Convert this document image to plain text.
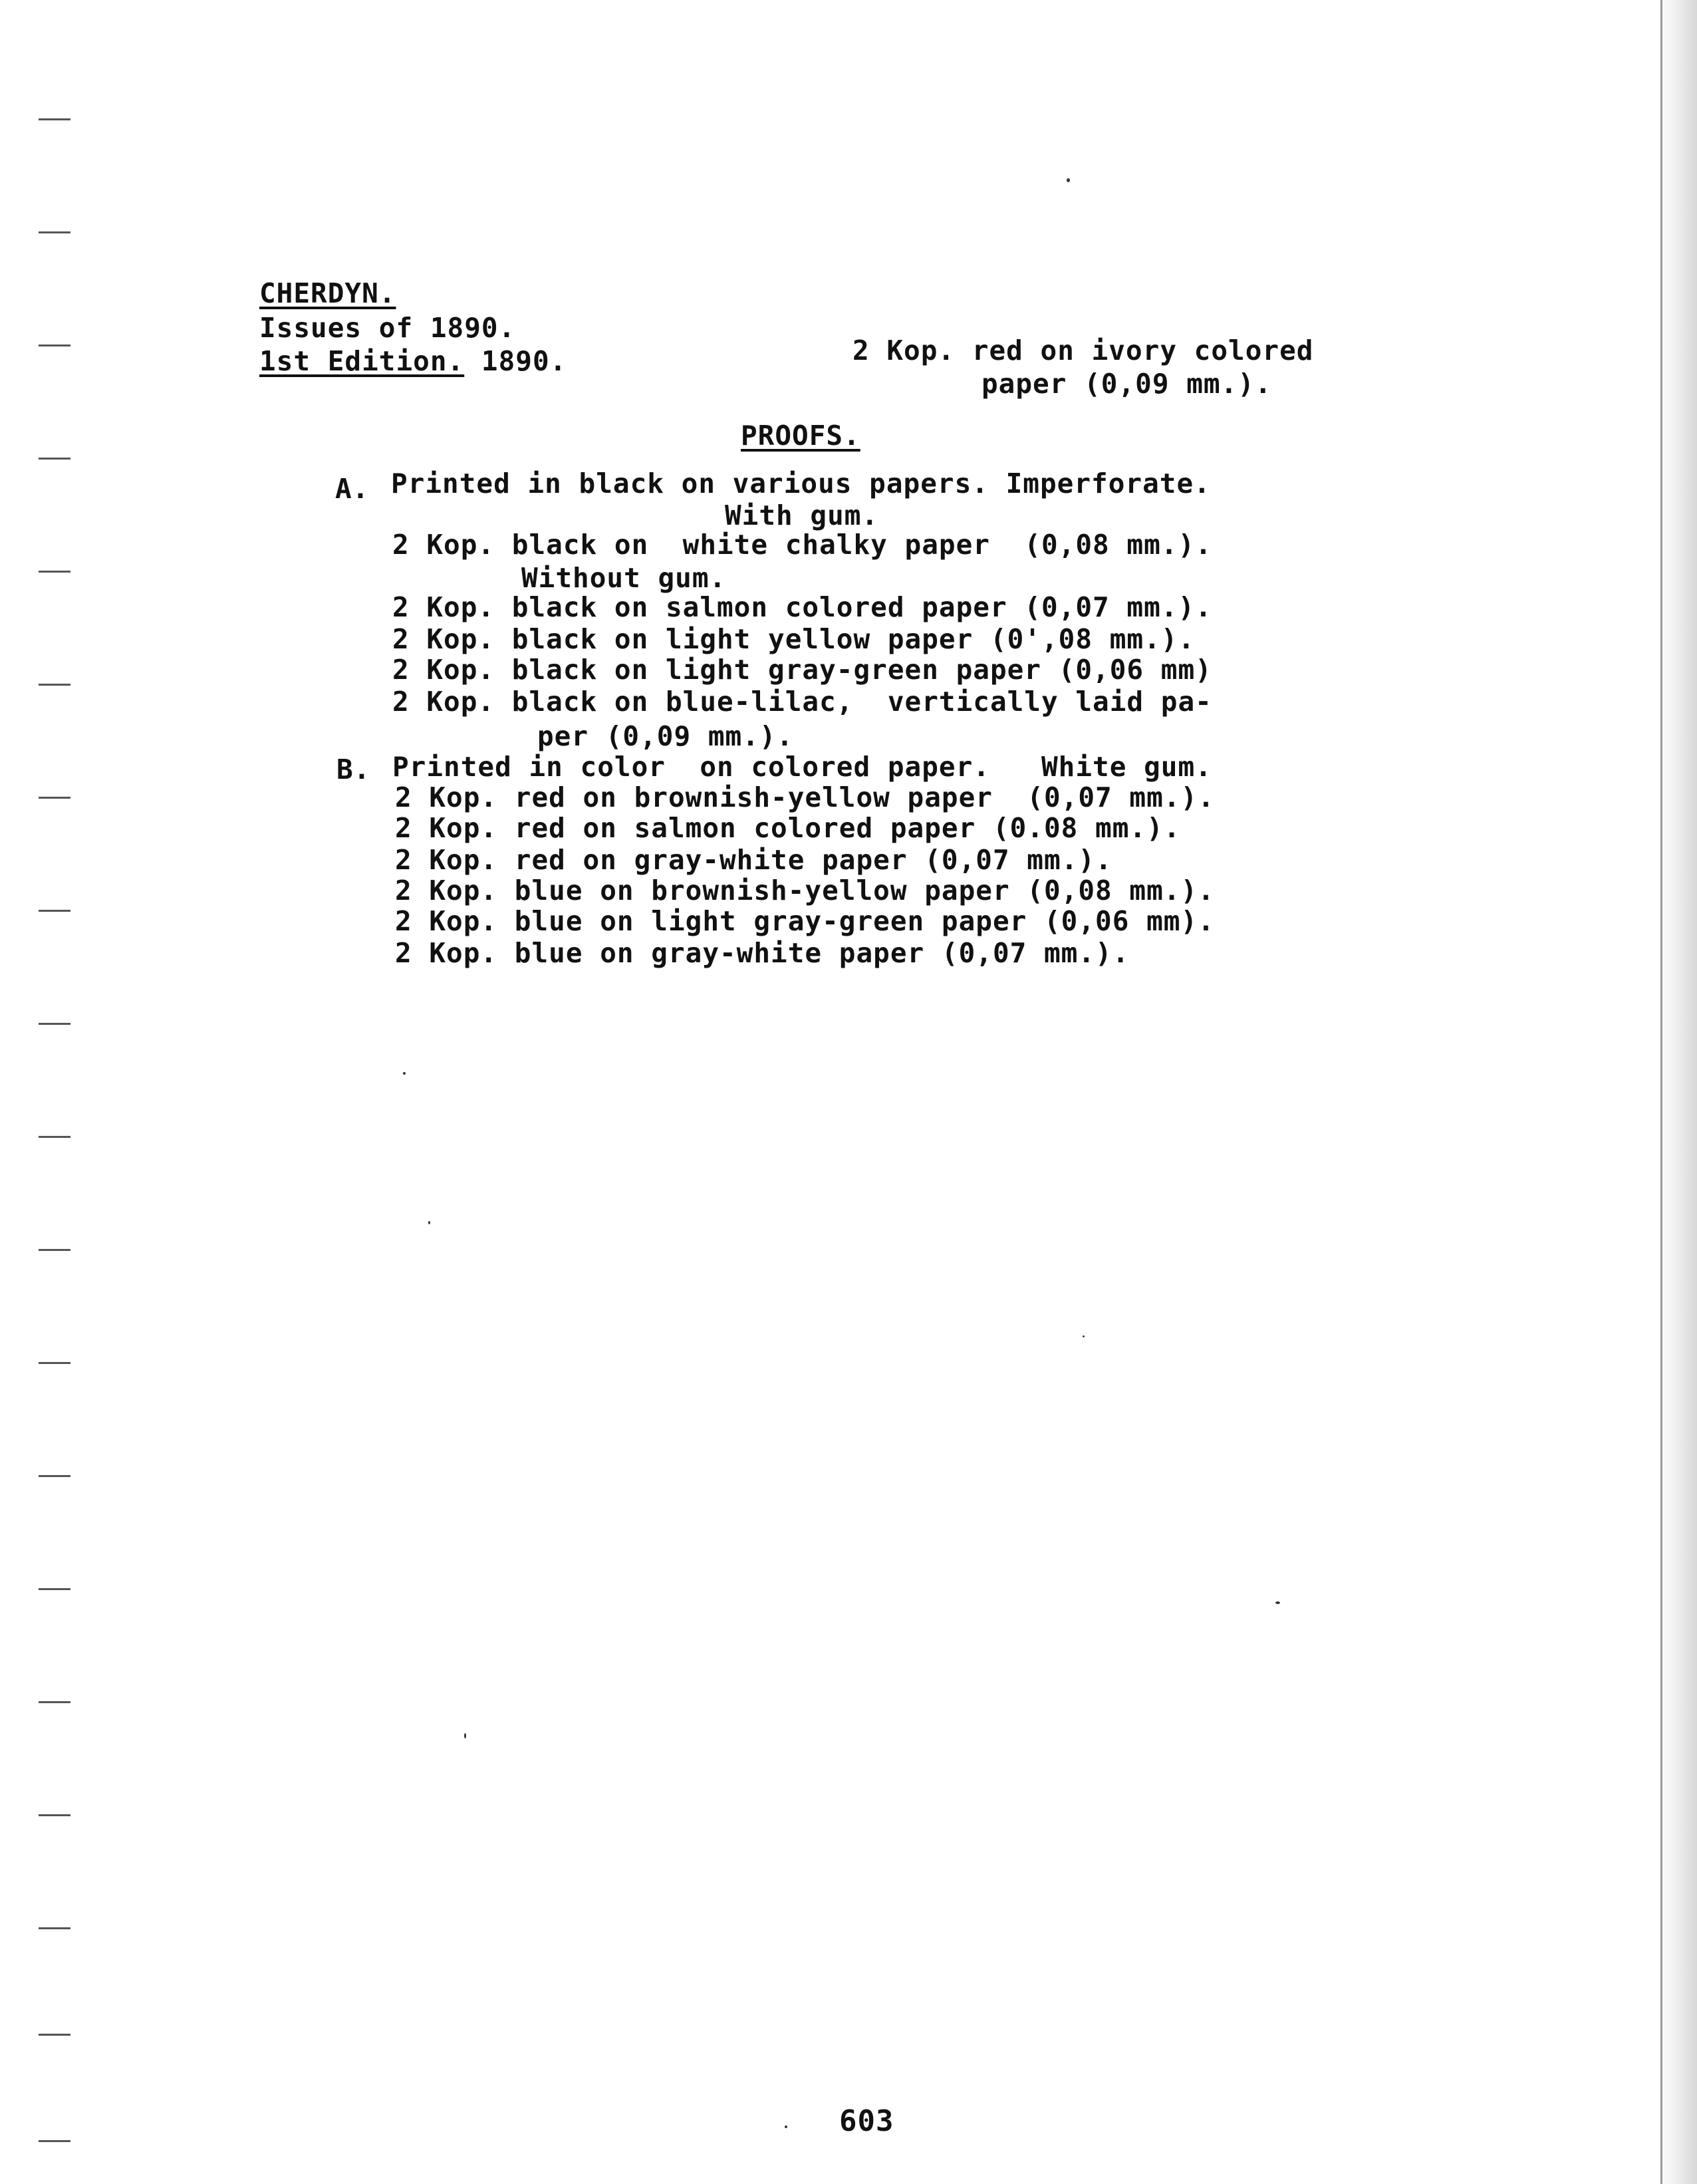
CHERDYN.
Issues of 1890.
1st Edition. 1890.	2 Kop. red on ivory colored
paper (0,09 mm.).
PROOFS.
A. Printed in black on various papers. Imperforate.
With gum.
2 Kop. black on  white chalky paper  (0,08 mm.).
Without gum.
2 Kop. black on salmon colored paper (0,07 mm.).
2 Kop. black on light yellow paper (0',08 mm.).
2 Kop. black on light gray-green paper (0,06 mm)
2 Kop. black on blue-lilac,  vertically laid pa-
per (0,09 mm.).
B. Printed in color  on colored paper.   White gum.
2 Kop. red on brownish-yellow paper  (0,07 mm.).
2 Kop. red on salmon colored paper (0.08 mm.).
2 Kop. red on gray-white paper (0,07 mm.).
2 Kop. blue on brownish-yellow paper (0,08 mm.).
2 Kop. blue on light gray-green paper (0,06 mm).
2 Kop. blue on gray-white paper (0,07 mm.).
603
